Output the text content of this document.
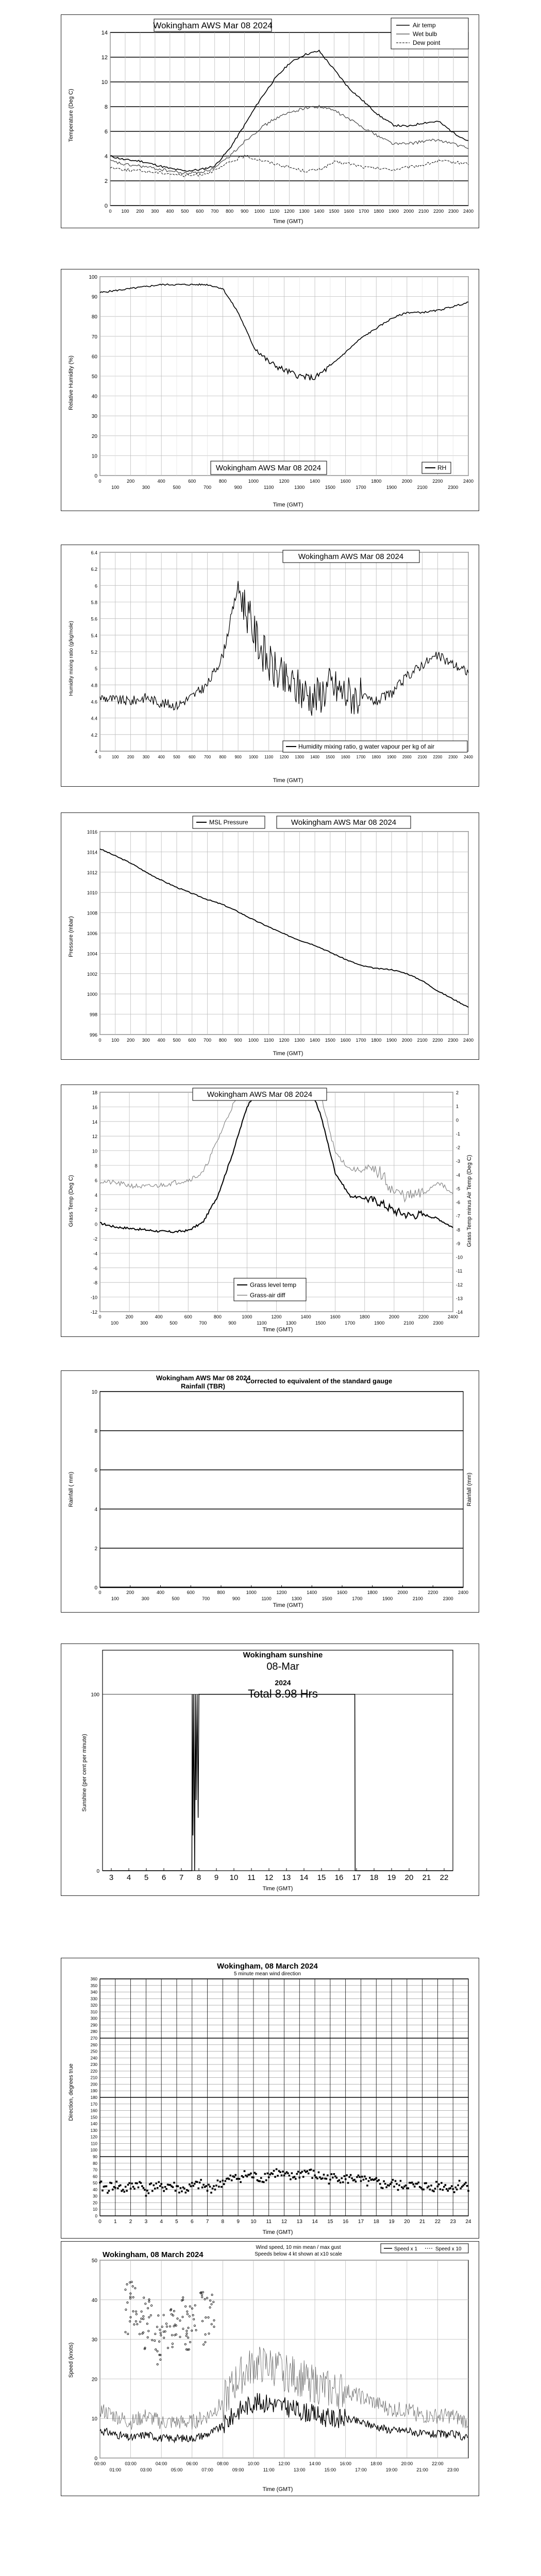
0
2
4
6
8
10
12
14
0 100 200 300 400 500 600 700 800 900 1000 1100 1200 1300 1400 1500 1600 1700 1800 1900 2000 2100 2200 2300 2400
Wokingham AWS Mar 08 2024	Air temp
Wet bulb
Dew point
Temperature (Deg C)
Time (GMT)
0
10
20
30
40
50
60
70
80
90
100
0	200	400	600	800	1000	1200	1400	1600	1800	2000	2200	2400
100	300	500	700	900	1100	1300	1500	1700	1900	2100	2300
Wokingham AWS Mar 08 2024	RH
Relative Humidity (%)
Time (GMT)
4
4.2
4.4
4.6
4.8
5
5.2
5.4
5.6
5.8
6
6.2
6.4
0	100 200 300 400 500 600 700 800 900 1000 1100 1200 1300 1400 1500 1600 1700 1800 1900 2000 2100 2200 2300 2400
Wokingham AWS Mar 08 2024
Humidity mixing ratio, g water vapour per kg of air
Humidity mixing ratio (g/kg/mole)
Time (GMT)
996
998
1000
1002
1004
1006
1008
1010
1012
1014
1016
0 100 200 300 400 500 600 700 800 900 1000 1100 1200 1300 1400 1500 1600 1700 1800 1900 2000 2100 2200 2300 2400
MSL Pressure	Wokingham AWS Mar 08 2024
Pressure (mbar)
Time (GMT)
-12
-10
-8
-6
-4
-2
0
2
4
6
8
10
12
14
16
18
-14
-13
-12
-11
-10
-9
-8
-7
-6
-5
-4
-3
-2
-1
0
1
2
0	200	400	600	800	1000	1200	1400	1600	1800	2000	2200	2400
100	300	500	700	900	1100	1300	1500	1700	1900	2100	2300
Wokingham AWS Mar 08 2024
Grass level temp
Grass-air diff
Grass Temp (Deg C)	Grass Temp minus Air Temp (Deg C)
Time (GMT)
0
2
4
6
8
10
0	200	400	600	800	1000	1200	1400	1600	1800	2000	2200	2400
100	300	500	700	900	1100	1300	1500	1700	1900	2100	2300
Wokingham AWS Mar 08 2024
Rainfall (TBR)
Corrected to equivalent of the standard gauge
Rainfall ( mm)	Rainfall (mm)
Time (GMT)
0
100
3 4 5 6 7 8 9 10 11 12 13 14 15 16 17 18 19 20 21 22
Wokingham sunshine
08-Mar
2024
Total 8.98 Hrs
Sunshine (per cent per minute)
Time (GMT)
0
10
20
30
40
50
60
70
80
90
100
110
120
130
140
150
160
170
180
190
200
210
220
230
240
250
260
270
280
290
300
310
320
330
340
350
360
0 1 2 3 4 5 6 7 8 9 10 11 12 13 14 15 16 17 18 19 20 21 22 23 24
Wokingham, 08 March 2024
5 minute mean wind direction
Direction, degrees true
Time (GMT)
0
10
20
30
40
50
00:00	03:00	04:00	06:00	08:00	10:00	12:00	14:00	16:00	18:00	20:00	22:00
01:00	03:00	05:00	07:00	09:00	11:00	13:00	15:00	17:00	19:00	21:00	23:00
Wokingham, 08 March 2024
Wind speed, 10 min mean / max gust
Speeds below 4 kt shown at x10 scale
Speed x 1	Speed x 10
Speed (knots)
Time (GMT)
